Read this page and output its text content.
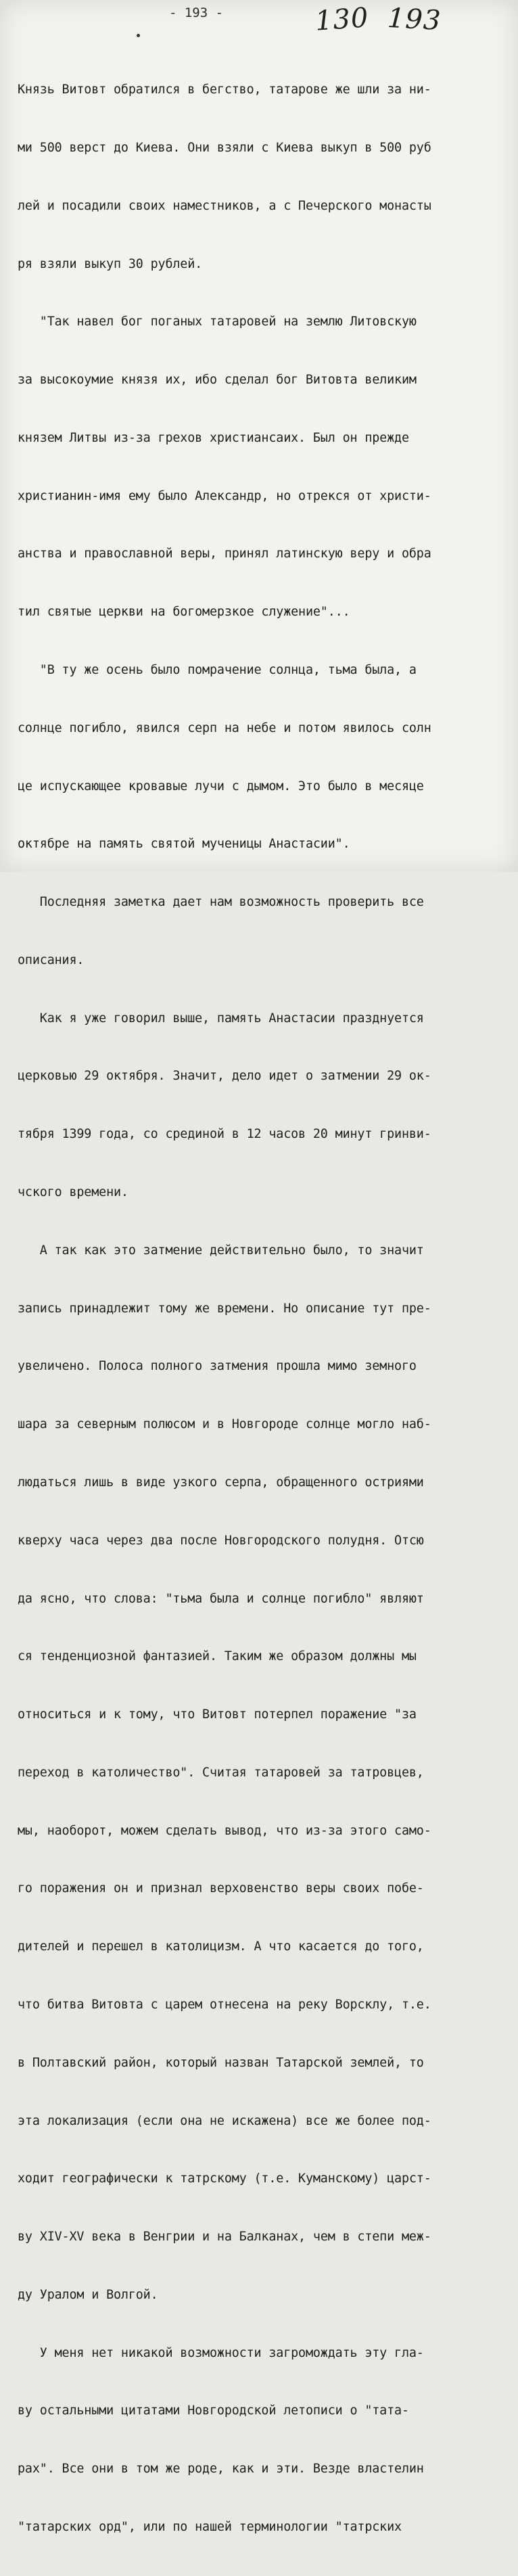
- 193 -	130 193

Князь Витовт обратился в бегство, татарове же шли за ни-

ми 500 верст до Киева. Они взяли с Киева выкуп в 500 руб

лей и посадили своих наместников, а с Печерского монасты

ря взяли выкуп 30 рублей.

"Так навел бог поганых татаровей на землю Литовскую

за высокоумие князя их, ибо сделал бог Витовта великим

князем Литвы из-за грехов христиансаих. Был он прежде

христианин-имя ему было Александр, но отрекся от христи-

анства и православной веры, принял латинскую веру и обра

тил святые церкви на богомерзкое служение"...

"В ту же осень было помрачение солнца, тьма была, а

солнце погибло, явился серп на небе и потом явилось солн

це испускающее кровавые лучи с дымом. Это было в месяце

октябре на память святой мученицы Анастасии".

Последняя заметка дает нам возможность проверить все

описания.

Как я уже говорил выше, память Анастасии празднуется

церковью 29 октября. Значит, дело идет о затмении 29 ок-

тября 1399 года, со срединой в 12 часов 20 минут гринви-

чского времени.

А так как это затмение действительно было, то значит

запись принадлежит тому же времени. Но описание тут пре-

увеличено. Полоса полного затмения прошла мимо земного

шара за северным полюсом и в Новгороде солнце могло наб-

людаться лишь в виде узкого серпа, обращенного остриями

кверху часа через два после Новгородского полудня. Отсю

да ясно, что слова: "тьма была и солнце погибло" являют

ся тенденциозной фантазией. Таким же образом должны мы

относиться и к тому, что Витовт потерпел поражение "за

переход в католичество". Считая татаровей за татровцев,

мы, наоборот, можем сделать вывод, что из-за этого само-

го поражения он и признал верховенство веры своих побе-

дителей и перешел в католицизм. А что касается до того,

что битва Витовта с царем отнесена на реку Ворсклу, т.е.

в Полтавский район, который назван Татарской землей, то

эта локализация (если она не искажена) все же более под-

ходит географически к татрскому (т.е. Куманскому) царст-

ву XIV-XV века в Венгрии и на Балканах, чем в степи меж-

ду Уралом и Волгой.

У меня нет никакой возможности загромождать эту гла-

ву остальными цитатами Новгородской летописи о "тата-

рах". Все они в том же роде, как и эти. Везде властелин

"татарских орд", или по нашей терминологии "татрских
